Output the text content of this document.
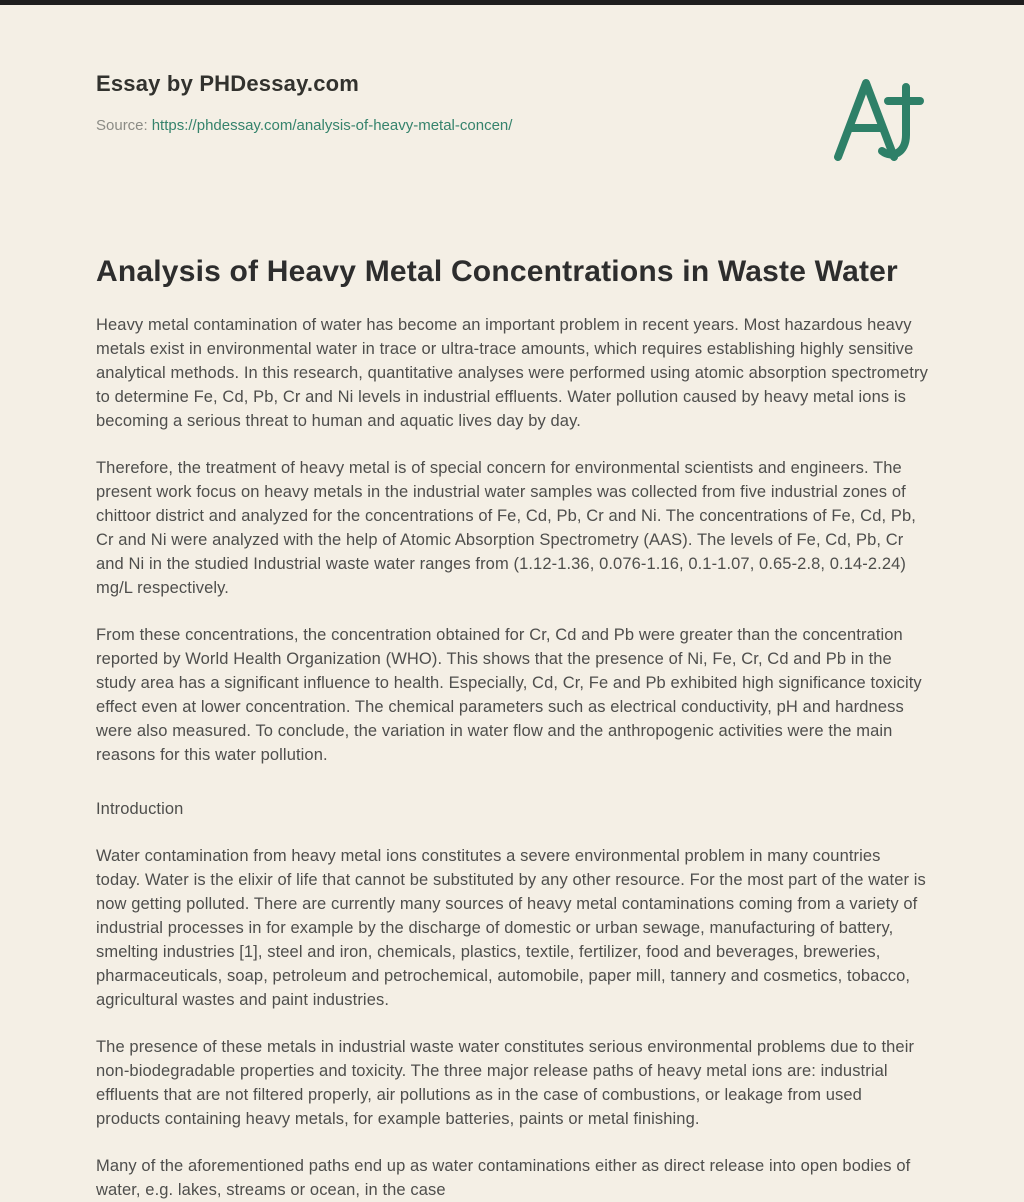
Essay by PHDessay.com
Source: https://phdessay.com/analysis-of-heavy-metal-concen/
Analysis of Heavy Metal Concentrations in Waste Water

Heavy metal contamination of water has become an important problem in recent years. Most hazardous heavy metals exist in environmental water in trace or ultra-trace amounts, which requires establishing highly sensitive analytical methods. In this research, quantitative analyses were performed using atomic absorption spectrometry to determine Fe, Cd, Pb, Cr and Ni levels in industrial effluents. Water pollution caused by heavy metal ions is becoming a serious threat to human and aquatic lives day by day.

Therefore, the treatment of heavy metal is of special concern for environmental scientists and engineers. The present work focus on heavy metals in the industrial water samples was collected from five industrial zones of chittoor district and analyzed for the concentrations of Fe, Cd, Pb, Cr and Ni. The concentrations of Fe, Cd, Pb, Cr and Ni were analyzed with the help of Atomic Absorption Spectrometry (AAS). The levels of Fe, Cd, Pb, Cr and Ni in the studied Industrial waste water ranges from (1.12-1.36, 0.076-1.16, 0.1-1.07, 0.65-2.8, 0.14-2.24) mg/L respectively.

From these concentrations, the concentration obtained for Cr, Cd and Pb were greater than the concentration reported by World Health Organization (WHO). This shows that the presence of Ni, Fe, Cr, Cd and Pb in the study area has a significant influence to health. Especially, Cd, Cr, Fe and Pb exhibited high significance toxicity effect even at lower concentration. The chemical parameters such as electrical conductivity, pH and hardness were also measured. To conclude, the variation in water flow and the anthropogenic activities were the main reasons for this water pollution.

Introduction

Water contamination from heavy metal ions constitutes a severe environmental problem in many countries today. Water is the elixir of life that cannot be substituted by any other resource. For the most part of the water is now getting polluted. There are currently many sources of heavy metal contaminations coming from a variety of industrial processes in for example by the discharge of domestic or urban sewage, manufacturing of battery, smelting industries [1], steel and iron, chemicals, plastics, textile, fertilizer, food and beverages, breweries, pharmaceuticals, soap, petroleum and petrochemical, automobile, paper mill, tannery and cosmetics, tobacco, agricultural wastes and paint industries.

The presence of these metals in industrial waste water constitutes serious environmental problems due to their non-biodegradable properties and toxicity. The three major release paths of heavy metal ions are: industrial effluents that are not filtered properly, air pollutions as in the case of combustions, or leakage from used products containing heavy metals, for example batteries, paints or metal finishing.

Many of the aforementioned paths end up as water contaminations either as direct release into open bodies of water, e.g. lakes, streams or ocean, in the case
